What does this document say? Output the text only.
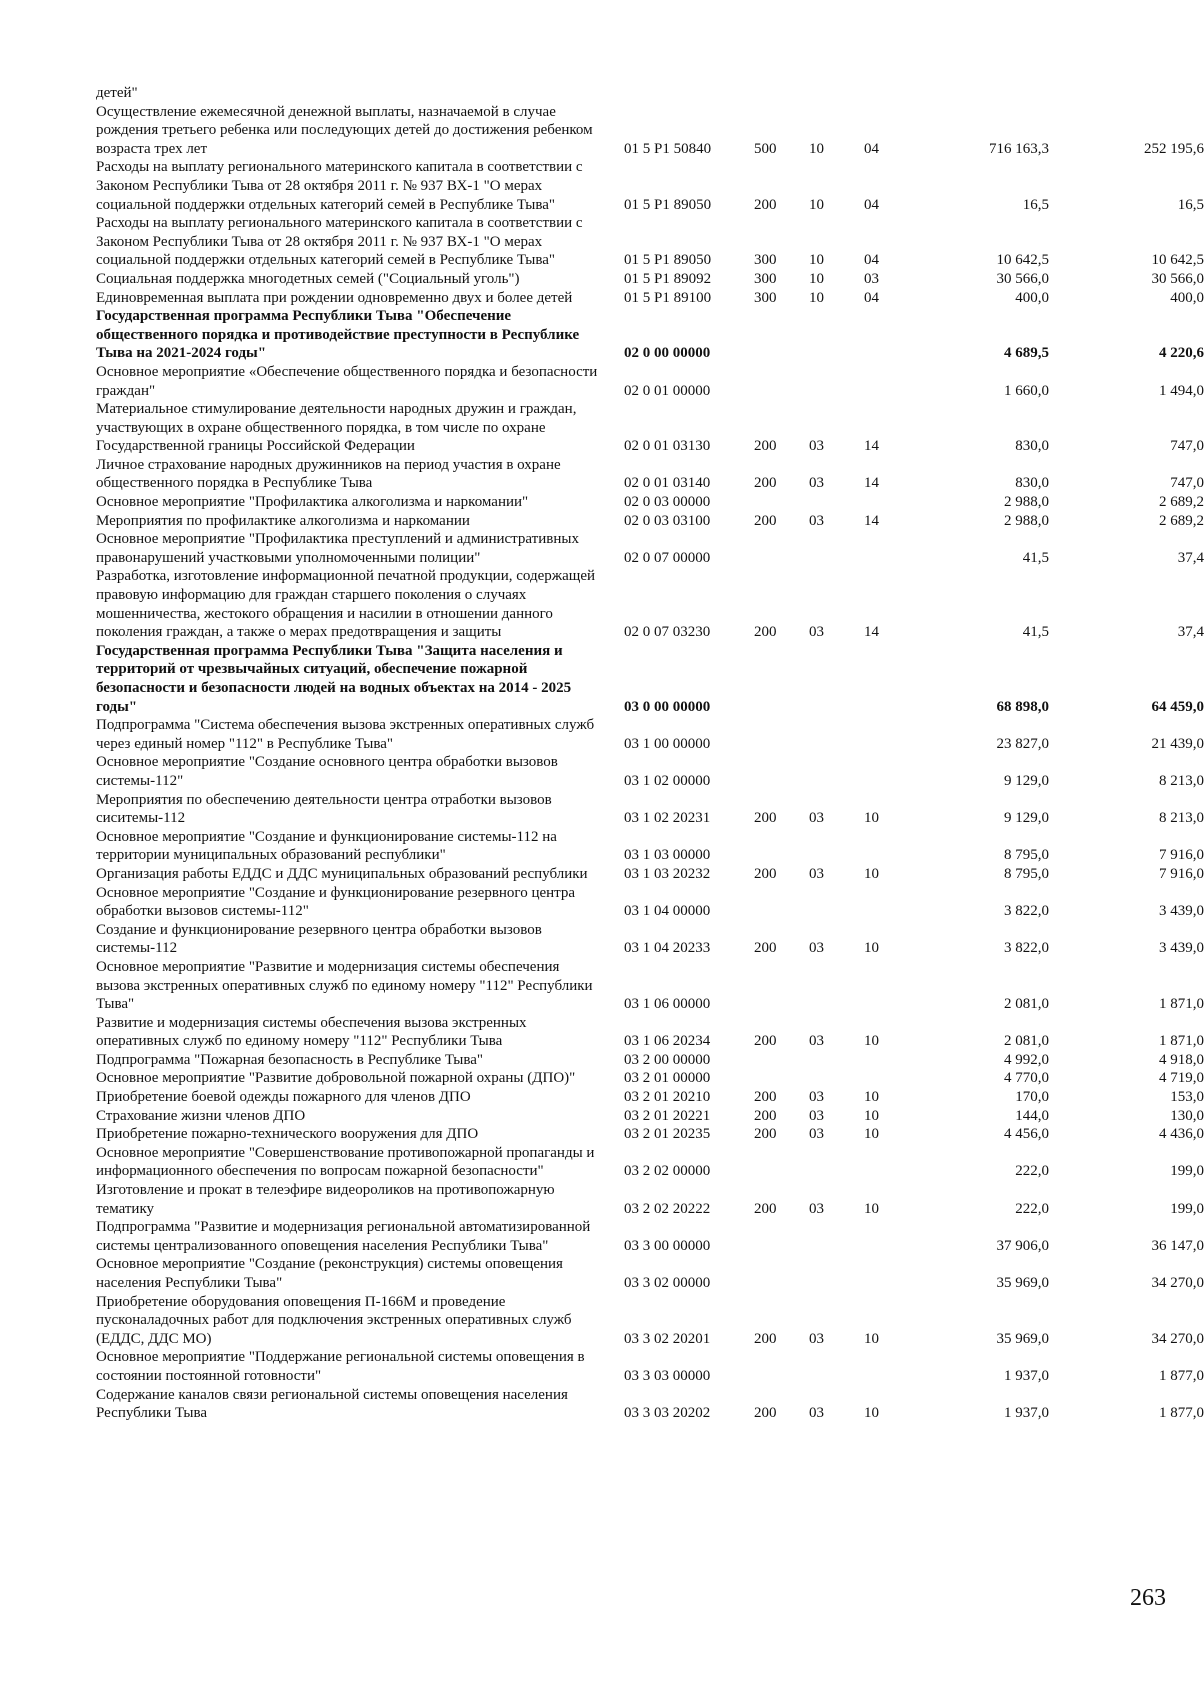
детей"						
Осуществление ежемесячной денежной выплаты, назначаемой в случае рождения третьего ребенка или последующих детей до достижения ребенком возраста трех лет	01 5 P1 50840	500	10	04	716 163,3	252 195,6
Расходы на выплату регионального материнского капитала в соответствии с Законом Республики Тыва от 28 октября 2011 г. № 937 ВХ-1 "О мерах социальной поддержки отдельных категорий семей в Республике Тыва"	01 5 P1 89050	200	10	04	16,5	16,5
Расходы на выплату регионального материнского капитала в соответствии с Законом Республики Тыва от 28 октября 2011 г. № 937 ВХ-1 "О мерах социальной поддержки отдельных категорий семей в Республике Тыва"	01 5 P1 89050	300	10	04	10 642,5	10 642,5
Социальная поддержка многодетных семей ("Социальный уголь")	01 5 P1 89092	300	10	03	30 566,0	30 566,0
Единовременная выплата при рождении одновременно двух и более детей	01 5 P1 89100	300	10	04	400,0	400,0
Государственная программа Республики Тыва "Обеспечение общественного порядка и противодействие преступности в Республике Тыва на 2021-2024 годы"	02 0 00 00000				4 689,5	4 220,6
Основное мероприятие «Обеспечение общественного порядка и безопасности граждан"	02 0 01 00000				1 660,0	1 494,0
Материальное стимулирование деятельности народных дружин и граждан, участвующих в охране общественного порядка, в том числе по охране Государственной границы Российской Федерации	02 0 01 03130	200	03	14	830,0	747,0
Личное страхование народных дружинников на период участия в охране общественного порядка в Республике Тыва	02 0 01 03140	200	03	14	830,0	747,0
Основное мероприятие "Профилактика алкоголизма и наркомании"	02 0 03 00000				2 988,0	2 689,2
Мероприятия по профилактике алкоголизма и наркомании	02 0 03 03100	200	03	14	2 988,0	2 689,2
Основное мероприятие "Профилактика преступлений и административных правонарушений участковыми уполномоченными полиции"	02 0 07 00000				41,5	37,4
Разработка, изготовление информационной печатной продукции, содержащей правовую информацию для граждан старшего поколения о случаях мошенничества, жестокого обращения и насилии в отношении данного поколения граждан, а также о мерах предотвращения и защиты	02 0 07 03230	200	03	14	41,5	37,4
Государственная программа Республики Тыва "Защита населения и территорий от чрезвычайных ситуаций, обеспечение пожарной безопасности и безопасности людей на водных объектах на 2014 - 2025 годы"	03 0 00 00000				68 898,0	64 459,0
Подпрограмма "Система обеспечения вызова экстренных оперативных служб через единый номер "112" в Республике Тыва"	03 1 00 00000				23 827,0	21 439,0
Основное мероприятие "Создание основного центра обработки вызовов системы-112"	03 1 02 00000				9 129,0	8 213,0
Мероприятия по обеспечению деятельности центра отработки вызовов сиситемы-112	03 1 02 20231	200	03	10	9 129,0	8 213,0
Основное мероприятие "Создание и функционирование системы-112 на территории муниципальных образований республики"	03 1 03 00000				8 795,0	7 916,0
Организация работы ЕДДС и ДДС муниципальных образований республики	03 1 03 20232	200	03	10	8 795,0	7 916,0
Основное мероприятие "Создание и функционирование резервного центра обработки вызовов системы-112"	03 1 04 00000				3 822,0	3 439,0
Создание и функционирование резервного центра обработки вызовов системы-112	03 1 04 20233	200	03	10	3 822,0	3 439,0
Основное мероприятие "Развитие и модернизация системы обеспечения вызова экстренных оперативных служб по единому номеру "112" Республики Тыва"	03 1 06 00000				2 081,0	1 871,0
Развитие и модернизация системы обеспечения вызова экстренных оперативных служб по единому номеру "112" Республики Тыва	03 1 06 20234	200	03	10	2 081,0	1 871,0
Подпрограмма "Пожарная безопасность в Республике Тыва"	03 2 00 00000				4 992,0	4 918,0
Основное мероприятие "Развитие добровольной пожарной охраны (ДПО)"	03 2 01 00000				4 770,0	4 719,0
Приобретение боевой одежды пожарного для членов ДПО	03 2 01 20210	200	03	10	170,0	153,0
Страхование жизни членов ДПО	03 2 01 20221	200	03	10	144,0	130,0
Приобретение пожарно-технического вооружения для ДПО	03 2 01 20235	200	03	10	4 456,0	4 436,0
Основное мероприятие "Совершенствование противопожарной пропаганды и информационного обеспечения по вопросам пожарной безопасности"	03 2 02 00000				222,0	199,0
Изготовление и прокат в телеэфире видеороликов на противопожарную тематику	03 2 02 20222	200	03	10	222,0	199,0
Подпрограмма "Развитие и модернизация региональной автоматизированной системы централизованного оповещения населения Республики Тыва"	03 3 00 00000				37 906,0	36 147,0
Основное мероприятие "Создание (реконструкция) системы оповещения населения Республики Тыва"	03 3 02 00000				35 969,0	34 270,0
Приобретение оборудования оповещения П-166М и проведение пусконаладочных работ для подключения экстренных оперативных служб (ЕДДС, ДДС МО)	03 3 02 20201	200	03	10	35 969,0	34 270,0
Основное мероприятие "Поддержание региональной системы оповещения в состоянии постоянной готовности"	03 3 03 00000				1 937,0	1 877,0
Содержание каналов связи региональной системы оповещения населения Республики Тыва	03 3 03 20202	200	03	10	1 937,0	1 877,0
263
